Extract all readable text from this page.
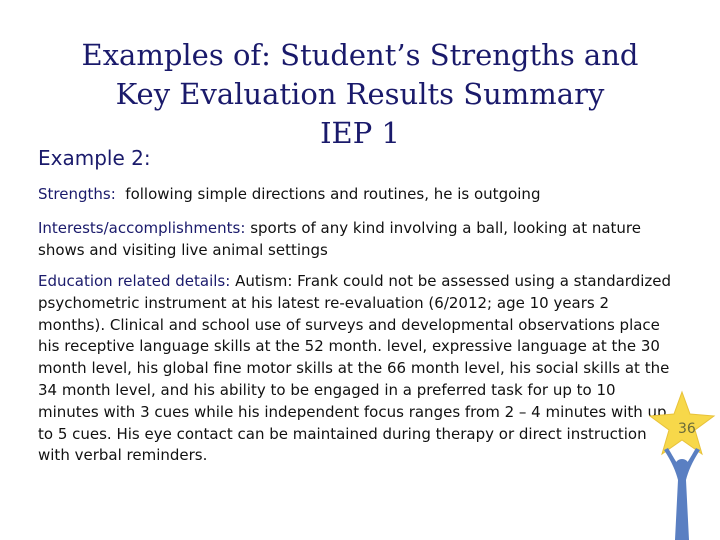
Examples of: Student’s Strengths and
Key Evaluation Results Summary
IEP 1

Example 2:

Strengths:  following simple directions and routines, he is outgoing

Interests/accomplishments: sports of any kind involving a ball, looking at nature shows and visiting live animal settings

Education related details: Autism: Frank could not be assessed using a standardized psychometric instrument at his latest re-evaluation (6/2012; age 10 years 2 months). Clinical and school use of surveys and developmental observations place his receptive language skills at the 52 month. level, expressive language at the 30 month level, his global fine motor skills at the 66 month level, his social skills at the 34 month level, and his ability to be engaged in a preferred task for up to 10 minutes with 3 cues while his independent focus ranges from 2 – 4 minutes with up to 5 cues. His eye contact can be maintained during therapy or direct instruction with verbal reminders.

36
